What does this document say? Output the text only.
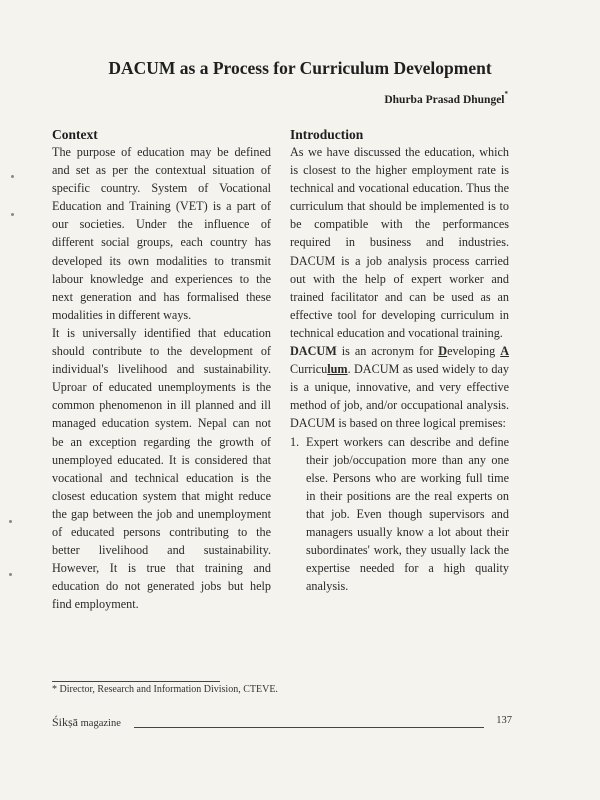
DACUM as a Process for Curriculum Development
Dhurba Prasad Dhungel*
Context

The purpose of education may be defined and set as per the contextual situation of specific country. System of Vocational Education and Training (VET) is a part of our societies. Under the influence of different social groups, each country has developed its own modalities to transmit labour knowledge and experiences to the next generation and has formalised these modalities in different ways.

It is universally identified that education should contribute to the development of individual's livelihood and sustainability. Uproar of educated unemployments is the common phenomenon in ill planned and ill managed education system. Nepal can not be an exception regarding the growth of unemployed educated. It is considered that vocational and technical education is the closest education system that might reduce the gap between the job and unemployment of educated persons contributing to the better livelihood and sustainability. However, It is true that training and education do not generated jobs but help find employment.

Introduction

As we have discussed the education, which is closest to the higher employment rate is technical and vocational education. Thus the curriculum that should be implemented is to be compatible with the performances required in business and industries. DACUM is a job analysis process carried out with the help of expert worker and trained facilitator and can be used as an effective tool for developing curriculum in technical education and vocational training.

DACUM is an acronym for Developing A Curriculum. DACUM as used widely to day is a unique, innovative, and very effective method of job, and/or occupational analysis. DACUM is based on three logical premises:

1. Expert workers can describe and define their job/occupation more than any one else. Persons who are working full time in their positions are the real experts on that job. Even though supervisors and managers usually know a lot about their subordinates' work, they usually lack the expertise needed for a high quality analysis.
* Director, Research and Information Division, CTEVE.
Śikṣā magazine	137
